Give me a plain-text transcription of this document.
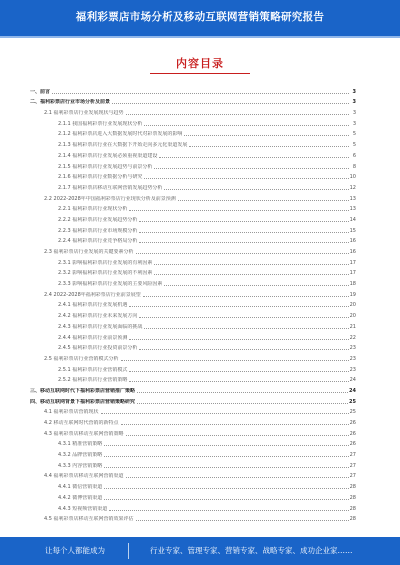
福利彩票店市场分析及移动互联网营销策略研究报告
内容目录
一、前言	3
二、福利彩票店行业市场分析及前景	3
2.1 福利彩票店行业发展现状与趋势	3
2.1.1 我国福利彩票行业发展现状分析	3
2.1.2 福利彩票店进入大数据发展时代对彩票发展的影响	5
2.1.3 福利彩票店行业在大数据下开始走向多元化渠道发展	5
2.1.4 福利彩票店行业发展必须重视渠道建设	6
2.1.5 福利彩票店行业发展趋势与前景分析	8
2.1.6 福利彩票店行业数据分析与研究	10
2.1.7 福利彩票店移动互联网营销发展趋势分析	12
2.2 2022-2028年中国福利彩票店行业现状分析及前景预测	13
2.2.1 福利彩票店行业现状分析	13
2.2.2 福利彩票店行业发展趋势分析	14
2.2.3 福利彩票店行业市场规模分析	15
2.2.4 福利彩票店行业竞争格局分析	16
2.3 福利彩票店行业发展的关键要素分析	16
2.3.1 影响福利彩票店行业发展的有利因素	17
2.3.2 影响福利彩票店行业发展的不利因素	17
2.3.3 影响福利彩票店行业发展的主要风险因素	18
2.4 2022-2028年福利彩票店行业前景展望	19
2.4.1 福利彩票店行业发展机遇	20
2.4.2 福利彩票店行业未来发展方向	20
2.4.3 福利彩票店行业发展面临的挑战	21
2.4.4 福利彩票店行业前景预测	22
2.4.5 福利彩票店行业投资前景分析	23
2.5 福利彩票店行业营销模式分析	23
2.5.1 福利彩票店行业营销模式	23
2.5.2 福利彩票店行业营销策略	24
三、移动互联网时代下福利彩票店营销推广策略	24
四、移动互联网背景下福利彩票店营销策略研究	25
4.1 福利彩票店营销现状	25
4.2 移动互联网时代营销的新特点	26
4.3 福利彩票店移动互联网营销策略	26
4.3.1 精准营销策略	26
4.3.2 品牌营销策略	27
4.3.3 内容营销策略	27
4.4 福利彩票店移动互联网营销渠道	27
4.4.1 微信营销渠道	28
4.4.2 微博营销渠道	28
4.4.3 短视频营销渠道	28
4.5 福利彩票店移动互联网营销效果评估	28
让每个人都能成为	行业专家、管理专家、营销专家、战略专家、成功企业家……
